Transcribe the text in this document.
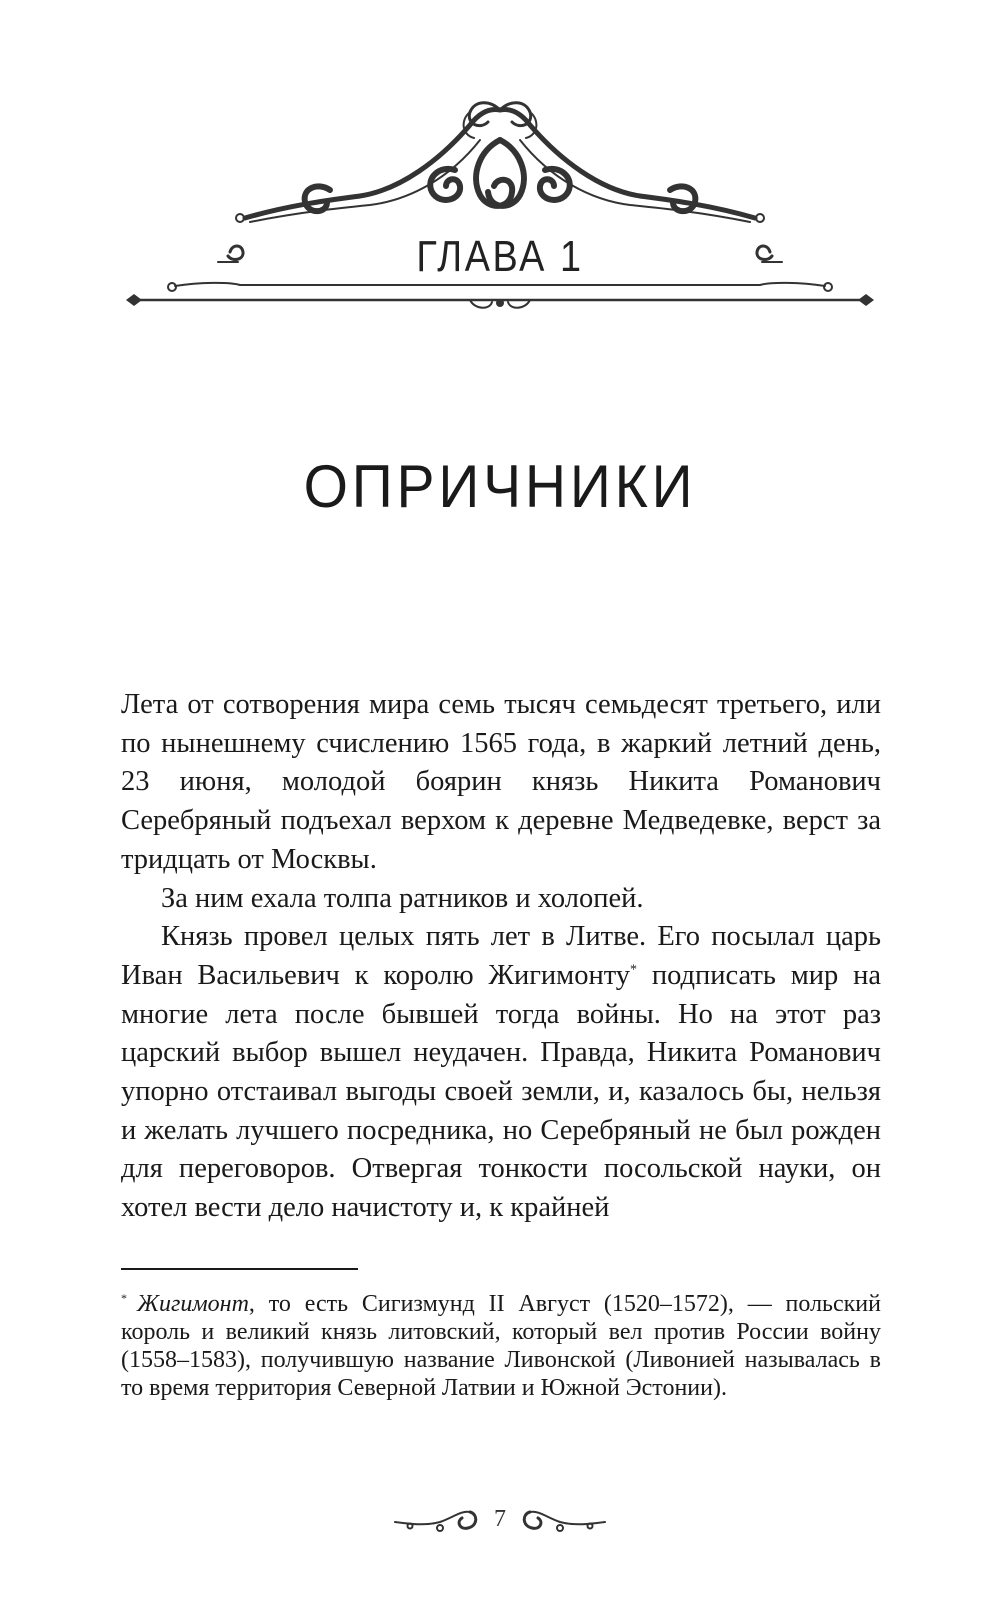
ГЛАВА 1
ОПРИЧНИКИ

Лета от сотворения мира семь тысяч семьдесят третьего, или по нынешнему счислению 1565 года, в жаркий летний день, 23 июня, молодой боярин князь Никита Романович Серебряный подъехал верхом к деревне Медведевке, верст за тридцать от Москвы.

За ним ехала толпа ратников и холопей.

Князь провел целых пять лет в Литве. Его посылал царь Иван Васильевич к королю Жигимонту* подписать мир на многие лета после бывшей тогда войны. Но на этот раз царский выбор вышел неудачен. Правда, Никита Романович упорно отстаивал выгоды своей земли, и, казалось бы, нельзя и желать лучшего посредника, но Серебряный не был рожден для переговоров. Отвергая тонкости посольской науки, он хотел вести дело начистоту и, к крайней

* Жигимонт, то есть Сигизмунд II Август (1520–1572), — польский король и великий князь литовский, который вел против России войну (1558–1583), получившую название Ливонской (Ливонией называлась в то время территория Северной Латвии и Южной Эстонии).
7
